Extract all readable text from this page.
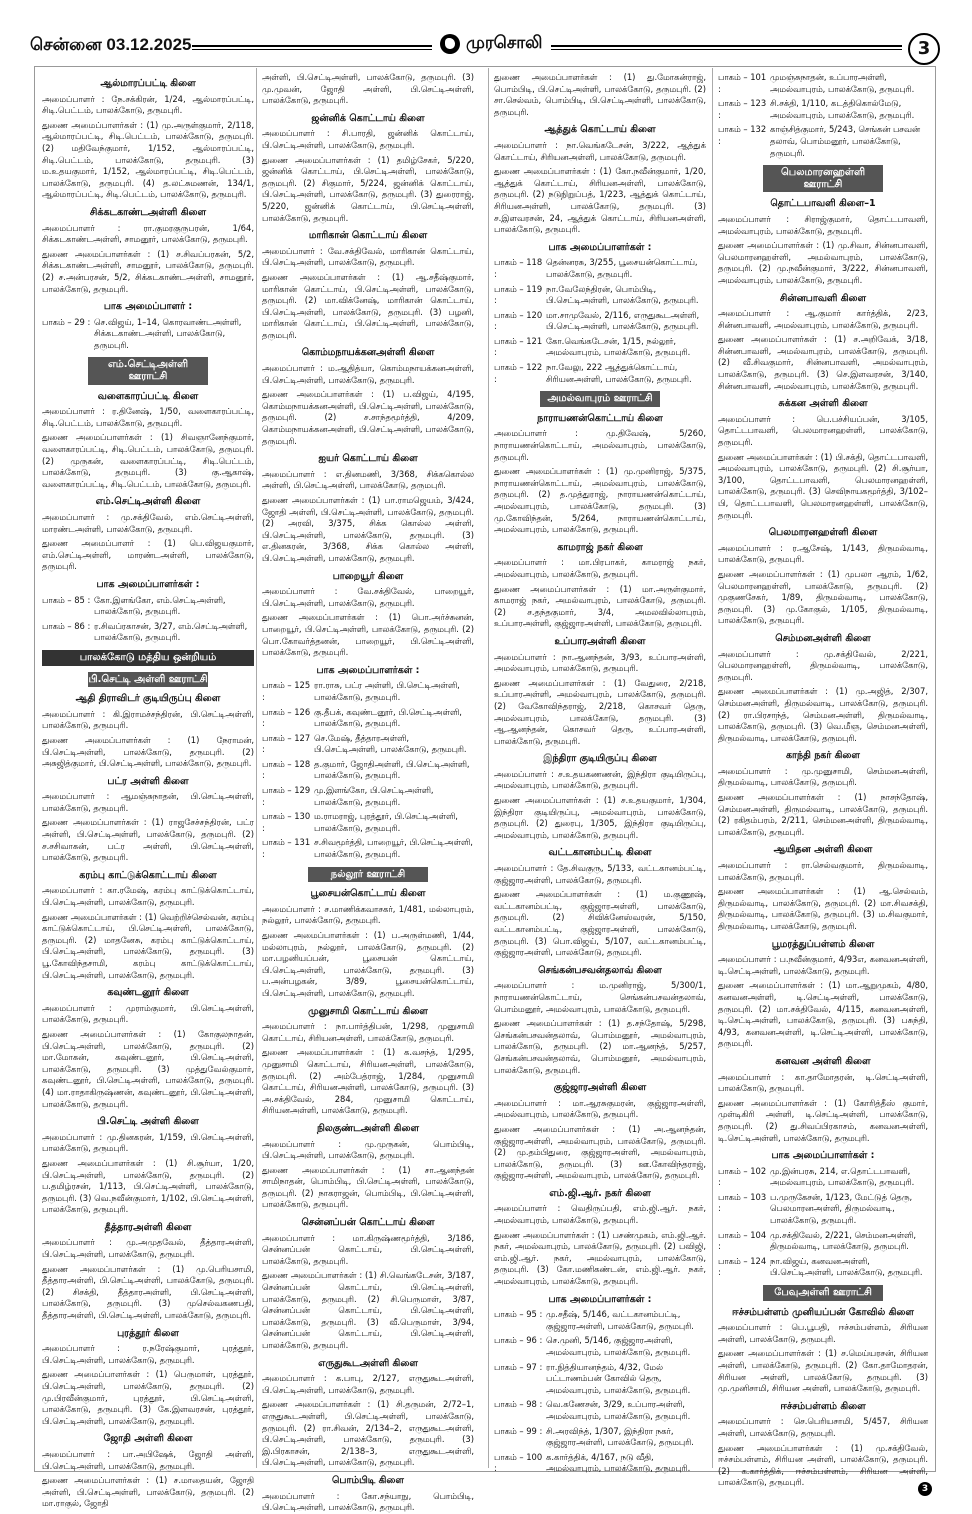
சென்னை 03.12.2025	முரசொலி	3
ஆல்மாரப்பட்டி கிளை

அமைப்பாளர் : நே.சக்கிரன், 1/24, ஆல்மாரப்பட்டி, சிடி.பெட்டம், பாலக்கோடு, தருமபுரி.

துணை அமைப்பாளர்கள் : (1) மு.அருள்குமார், 2/118, ஆல்மாரப்பட்டி, சிடி.பெட்டம், பாலக்கோடு, தருமபுரி. (2) மதிவேந்குமார், 1/152, ஆல்மாரப்பட்டி, சிடி.பெட்டம், பாலக்கோடு, தருமபுரி. (3) ம.உதயகுமார், 1/152, ஆல்மாரப்பட்டி, சிடி.பெட்டம், பாலக்கோடு, தருமபுரி. (4) த.லட்சுமணன், 134/1, ஆல்மாரப்பட்டி, சிடி.பெட்டம், பாலக்கோடு, தருமபுரி.

சிக்கடகாண்டஅள்ளி கிளை

அமைப்பாளர் : ரா.குமரகுருபரன், 1/64, சிக்கடகாண்டஅள்ளி, சாமனூர், பாலக்கோடு, தருமபுரி.

துணை அமைப்பாளர்கள் : (1) ச.சிவப்பரகன், 5/2, சிக்கடகாண்டஅள்ளி, சாமனூர், பாலக்கோடு, தருமபுரி. (2) ச.அன்பரசன், 5/2, சிக்கடகாண்டஅள்ளி, சாமனூர், பாலக்கோடு, தருமபுரி.

பாக அமைப்பாளர் :
பாகம் – 29 : செ.விஜய், 1–14, கொரவாண்டஅள்ளி, சிக்கடகாண்டஅள்ளி, பாலக்கோடு, தருமபுரி.
எம்.செட்டிஅள்ளி ஊராட்சி
வளைகாரப்பட்டி கிளை

அமைப்பாளர் : ர.தினேஷ், 1/50, வளைகாரப்பட்டி, சிடி.பெட்டம், பாலக்கோடு, தருமபுரி.

துணை அமைப்பாளர்கள் : (1) சிவஞானேந்குமார், வளைகாரப்பட்டி, சிடி.பெட்டம், பாலக்கோடு, தருமபுரி. (2) முருகன், வளைகாரப்பட்டி, சிடி.பெட்டம், பாலக்கோடு, தருமபுரி. (3) கு.ஆகாஷ், வளைகாரப்பட்டி, சிடி.பெட்டம், பாலக்கோடு, தருமபுரி.

எம்.செட்டிஅள்ளி கிளை

அமைப்பாளர் : மு.சக்திவேல், எம்.செட்டிஅள்ளி, மாரண்டஅள்ளி, பாலக்கோடு, தருமபுரி.

துணை அமைப்பாளர் : (1) பெ.விஜயகுமார், எம்.செட்டிஅள்ளி, மாரண்டஅள்ளி, பாலக்கோடு, தருமபுரி.

பாக அமைப்பாளர்கள் :
பாகம் – 85 : கோ.இளங்கோ, எம்.செட்டிஅள்ளி, பாலக்கோடு, தருமபுரி.
பாகம் – 86 : ர.சிவப்ரகாசன், 3/27, எம்.செட்டிஅள்ளி, பாலக்கோடு, தருமபுரி.
பாலக்கோடு மத்திய ஒன்றியம்
பி.செட்டி அள்ளி ஊராட்சி
ஆதி திராவிடர் குடியிருப்பு கிளை

அமைப்பாளர் : கி.இராமச்சந்திரன், பி.செட்டிஅள்ளி, பாலக்கோடு, தருமபுரி.

துணை அமைப்பாளர்கள் : (1) நேராமன், பி.செட்டிஅள்ளி, பாலக்கோடு, தருமபுரி. (2) அசுஜித்குமார், பி.செட்டிஅள்ளி, பாலக்கோடு, தருமபுரி.

பட்ர அள்ளி கிளை

அமைப்பாளர் : ஆமஞ்சுநாதன், பி.செட்டிஅள்ளி, பாலக்கோடு, தருமபுரி.

துணை அமைப்பாளர்கள் : (1) ராஜசேச்சந்திரன், பட்ர அள்ளி, பி.செட்டிஅள்ளி, பாலக்கோடு, தருமபுரி. (2) ச.சசிவாகன், பட்ர அள்ளி, பி.செட்டிஅள்ளி, பாலக்கோடு, தருமபுரி.

கரம்பு காட்டுக்கொட்டாய் கிளை

அமைப்பாளர் : கா.ரமேஷ், கரம்பு காட்டுக்கொட்டாய், பி.செட்டிஅள்ளி, பாலக்கோடு, தருமபுரி.

துணை அமைப்பாளர்கள் : (1) வெற்றிச்செல்வன், கரம்பு காட்டுக்கொட்டாய், பி.செட்டிஅள்ளி, பாலக்கோடு, தருமபுரி. (2) மாதனேசு, கரம்பு காட்டுக்கொட்டாய், பி.செட்டிஅள்ளி, பாலக்கோடு, தருமபுரி. (3) பூ.கோவிந்தசாமி, கரம்பு காட்டுக்கொட்டாய், பி.செட்டிஅள்ளி, பாலக்கோடு, தருமபுரி.

கவுண்டனூர் கிளை

அமைப்பாளர் : முராம்குமார், பி.செட்டிஅள்ளி, பாலக்கோடு, தருமபுரி.

துணை அமைப்பாளர்கள் : (1) கோகுலநாதன், பி.செட்டிஅள்ளி, பாலக்கோடு, தருமபுரி. (2) மா.மோகன், கவுண்டனூர், பி.செட்டிஅள்ளி, பாலக்கோடு, தருமபுரி. (3) முத்துவேல்குமார், கவுண்டனூர், பி.செட்டிஅள்ளி, பாலக்கோடு, தருமபுரி. (4) மா.ராதாகிருஷ்ணன், கவுண்டனூர், பி.செட்டிஅள்ளி, பாலக்கோடு, தருமபுரி.

பி.செட்டி அள்ளி கிளை

அமைப்பாளர் : மு.தினகரன், 1/159, பி.செட்டிஅள்ளி, பாலக்கோடு, தருமபுரி.

துணை அமைப்பாளர்கள் : (1) சி.சூர்யா, 1/20, பி.செட்டிஅள்ளி, பாலக்கோடு, தருமபுரி. (2) ப.தமிழ்ரசன், 1/113, பி.செட்டிஅள்ளி, பாலக்கோடு, தருமபுரி. (3) வெ.நவீன்குமார், 1/102, பி.செட்டிஅள்ளி, பாலக்கோடு, தருமபுரி.

தீத்தாரஅள்ளி கிளை

அமைப்பாளர் : மு.அமுதவேல், தீத்தாரஅள்ளி, பி.செட்டிஅள்ளி, பாலக்கோடு, தருமபுரி.

துணை அமைப்பாளர்கள் : (1) மு.பெரியசாமி, தீத்தாரஅள்ளி, பி.செட்டிஅள்ளி, பாலக்கோடு, தருமபுரி. (2) சிசக்தி, தீத்தாரஅள்ளி, பி.செட்டிஅள்ளி, பாலக்கோடு, தருமபுரி. (3) முசெல்வகணபதி, தீத்தாரஅள்ளி, பி.செட்டிஅள்ளி, பாலக்கோடு, தருமபுரி.

புரத்தூர் கிளை

அமைப்பாளர் : ர.நரேஷ்குமார், புரத்தூர், பி.செட்டிஅள்ளி, பாலக்கோடு, தருமபுரி.

துணை அமைப்பாளர்கள் : (1) பெருமாள், புரத்தூர், பி.செட்டிஅள்ளி, பாலக்கோடு, தருமபுரி. (2) மு.பிரவீன்குமார், புரத்தூர், பி.செட்டிஅள்ளி, பாலக்கோடு, தருமபுரி. (3) கே.இளவரசன், புரத்தூர், பி.செட்டிஅள்ளி, பாலக்கோடு, தருமபுரி.

ஜோதி அள்ளி கிளை

அமைப்பாளர் : பா.அபிஷேக், ஜோதி அள்ளி, பி.செட்டிஅள்ளி, பாலக்கோடு, தருமபுரி.

துணை அமைப்பாளர்கள் : (1) ச.மாதையன், ஜோதி அள்ளி, பி.செட்டிஅள்ளி, பாலக்கோடு, தருமபுரி. (2) மா.ராகுல், ஜோதி

அள்ளி, பி.செட்டிஅள்ளி, பாலக்கோடு, தருமபுரி. (3) மு.முவன், ஜோதி அள்ளி, பி.செட்டிஅள்ளி, பாலக்கோடு, தருமபுரி.

ஜன்னிக் கொட்டாய் கிளை

அமைப்பாளர் : சி.பாரதி, ஜன்னிக் கொட்டாய், பி.செட்டிஅள்ளி, பாலக்கோடு, தருமபுரி.

துணை அமைப்பாளர்கள் : (1) தமிழ்சேகர், 5/220, ஜன்னிக் கொட்டாய், பி.செட்டிஅள்ளி, பாலக்கோடு, தருமபுரி. (2) சிகுமார், 5/224, ஜன்னிக் கொட்டாய், பி.செட்டிஅள்ளி, பாலக்கோடு, தருமபுரி. (3) துரைராஜ், 5/220, ஜன்னிக் கொட்டாய், பி.செட்டிஅள்ளி, பாலக்கோடு, தருமபுரி.

மாரிகான் கொட்டாய் கிளை

அமைப்பாளர் : வே.சக்திவேல், மாரிகான் கொட்டாய், பி.செட்டிஅள்ளி, பாலக்கோடு, தருமபுரி.

துணை அமைப்பாளர்கள் : (1) ஆ.சதீஷ்குமார், மாரிகான் கொட்டாய், பி.செட்டிஅள்ளி, பாலக்கோடு, தருமபுரி. (2) மா.விக்னேஷ், மாரிகான் கொட்டாய், பி.செட்டிஅள்ளி, பாலக்கோடு, தருமபுரி. (3) பழனி, மாரிகான் கொட்டாய், பி.செட்டிஅள்ளி, பாலக்கோடு, தருமபுரி.

கொம்மநாயக்கனஅள்ளி கிளை

அமைப்பாளர் : ம.ஆதித்யா, கொம்மநாயக்கனஅள்ளி, பி.செட்டிஅள்ளி, பாலக்கோடு, தருமபுரி.

துணை அமைப்பாளர்கள் : (1) ப.விஜய், 4/195, கொம்மநாயக்கனஅள்ளி, பி.செட்டிஅள்ளி, பாலக்கோடு, தருமபுரி. (2) ச.சாந்தமூர்த்தி, 4/209, கொம்மநாயக்கனஅள்ளி, பி.செட்டிஅள்ளி, பாலக்கோடு, தருமபுரி.

ஐயர் கொட்டாய் கிளை

அமைப்பாளர் : எ.தினமணி, 3/368, சிக்ககொல்ல அள்ளி, பி.செட்டிஅள்ளி, பாலக்கோடு, தருமபுரி.

துணை அமைப்பாளர்கள் : (1) பா.ராமஜெயம், 3/424, ஜோதி அள்ளி, பி.செட்டிஅள்ளி, பாலக்கோடு, தருமபுரி. (2) அரவி, 3/375, சிக்க கொல்ல அள்ளி, பி.செட்டிஅள்ளி, பாலக்கோடு, தருமபுரி. (3) எ.தினகரன், 3/368, சிக்க கொல்ல அள்ளி, பி.செட்டிஅள்ளி, பாலக்கோடு, தருமபுரி.

பாறையூர் கிளை

அமைப்பாளர் : வே.சக்திவேல், பாறையூர், பி.செட்டிஅள்ளி, பாலக்கோடு, தருமபுரி.

துணை அமைப்பாளர்கள் : (1) பொ.அர்ச்சுனன், பாறையூர், பி.செட்டிஅள்ளி, பாலக்கோடு, தருமபுரி. (2) பொ.கோவர்த்தனன், பாறையூர், பி.செட்டிஅள்ளி, பாலக்கோடு, தருமபுரி.

பாக அமைப்பாளர்கள் :
பாகம் – 125 :
ரா.ராசு, பட்ர அள்ளி, பி.செட்டிஅள்ளி, பாலக்கோடு, தருமபுரி.
பாகம் – 126 :
கு.தீபக், கவுண்டனூர், பி.செட்டிஅள்ளி, பாலக்கோடு, தருமபுரி.
பாகம் – 127 :
செ.மேஷ், தீத்தாரஅள்ளி, பி.செட்டிஅள்ளி, பாலக்கோடு, தருமபுரி.
பாகம் – 128 :
த.குமார், ஜோதிஅள்ளி, பி.செட்டிஅள்ளி, பாலக்கோடு, தருமபுரி.
பாகம் – 129 :
மு.இளங்கோ, பி.செட்டிஅள்ளி, பாலக்கோடு, தருமபுரி.
பாகம் – 130 :
ம.ராமராஜ், புரத்தூர், பி.செட்டிஅள்ளி, பாலக்கோடு, தருமபுரி.
பாகம் – 131 :
ச.சிவமூர்த்தி, பாறையூர், பி.செட்டிஅள்ளி, பாலக்கோடு, தருமபுரி.
நல்லூர் ஊராட்சி
பூசையன்கொட்டாய் கிளை

அமைப்பாளர் : ச.மாணிக்கவாசகர், 1/481, மல்லாபுரம், நல்லூர், பாலக்கோடு, தருமபுரி.

துணை அமைப்பாளர்கள் : (1) ப.அருள்மணி, 1/44, மல்லாபுரம், நல்லூர், பாலக்கோடு, தருமபுரி. (2) மா.பழனியப்பன், பூசையன் கொட்டாய், பி.செட்டிஅள்ளி, பாலக்கோடு, தருமபுரி. (3) ப.அன்பழகன், 3/89, பூசையன்கொட்டாய், பி.செட்டிஅள்ளி, பாலக்கோடு, தருமபுரி.

முனுசாமி கொட்டாய் கிளை

அமைப்பாளர் : நா.பார்த்திபன், 1/298, முனுசாமி கொட்டாய், சிரியனஅள்ளி, பாலக்கோடு, தருமபுரி.

துணை அமைப்பாளர்கள் : (1) க.வசந்த், 1/295, முனுசாமி கொட்டாய், சிரியனஅள்ளி, பாலக்கோடு, தருமபுரி. (2) அம்பேத்ராஜ், 1/284, முனுசாமி கொட்டாய், சிரியனஅள்ளி, பாலக்கோடு, தருமபுரி. (3) அ.சக்திவேல், 284, முனுசாமி கொட்டாய், சிரியனஅள்ளி, பாலக்கோடு, தருமபுரி.

நிலகுண்டஅள்ளி கிளை

அமைப்பாளர் : மு.முருகன், பொம்பிடி, பி.செட்டிஅள்ளி, பாலக்கோடு, தருமபுரி.

துணை அமைப்பாளர்கள் : (1) சா.ஆனந்தன் சாமிநாதன், பொம்பிடி, பி.செட்டிஅள்ளி, பாலக்கோடு, தருமபுரி. (2) நாகராஜன், பொம்பிடி, பி.செட்டிஅள்ளி, பாலக்கோடு, தருமபுரி.

சென்னப்பன் கொட்டாய் கிளை

அமைப்பாளர் : மா.கிருஷ்ணமூர்த்தி, 3/186, சென்னப்பன் கொட்டாய், பி.செட்டிஅள்ளி, பாலக்கோடு, தருமபுரி.

துணை அமைப்பாளர்கள் : (1) சி.வெங்கடேசன், 3/187, சென்னப்பன் கொட்டாய், பி.செட்டிஅள்ளி, பாலக்கோடு, தருமபுரி. (2) சி.பெருமாள், 3/87, சென்னப்பன் கொட்டாய், பி.செட்டிஅள்ளி, பாலக்கோடு, தருமபுரி. (3) வீ.பெருமாள், 3/94, சென்னப்பன் கொட்டாய், பி.செட்டிஅள்ளி, பாலக்கோடு, தருமபுரி.

எருதுகூடஅள்ளி கிளை

அமைப்பாளர் : க.பாபு, 2/127, எருதுகூடஅள்ளி, பி.செட்டிஅள்ளி, பாலக்கோடு, தருமபுரி.

துணை அமைப்பாளர்கள் : (1) சி.தருமன், 2/72–1, எருதுகூடஅள்ளி, பி.செட்டிஅள்ளி, பாலக்கோடு, தருமபுரி. (2) ரா.சிவன், 2/134–2, எருதுகூடஅள்ளி, பி.செட்டிஅள்ளி, பாலக்கோடு, தருமபுரி. (3) இ.பிரகாசன், 2/138–3, எருதுகூடஅள்ளி, பி.செட்டிஅள்ளி, பாலக்கோடு, தருமபுரி.

பொம்பிடி கிளை

அமைப்பாளர் : கோ.சந்யாநு, பொம்பிடி, பி.செட்டிஅள்ளி, பாலக்கோடு, தருமபுரி.

துணை அமைப்பாளர்கள் : (1) து.மோகன்ராஜ், பொம்பிடி, பி.செட்டிஅள்ளி, பாலக்கோடு, தருமபுரி. (2) சா.செல்வம், பொம்பிடி, பி.செட்டிஅள்ளி, பாலக்கோடு, தருமபுரி.

ஆத்துக் கொட்டாய் கிளை

அமைப்பாளர் : நா.வெங்கடேசன், 3/222, ஆத்துக் கொட்டாய், சிரியனஅள்ளி, பாலக்கோடு, தருமபுரி.

துணை அமைப்பாளர்கள் : (1) கோ.நவீன்குமார், 1/20, ஆத்துக் கொட்டாய், சிரியனஅள்ளி, பாலக்கோடு, தருமபுரி. (2) நடுநிறுப்பத், 1/223, ஆத்துக் கொட்டாய், சிரியனஅள்ளி, பாலக்கோடு, தருமபுரி. (3) ச.இளவரசன், 24, ஆத்துக் கொட்டாய், சிரியனஅள்ளி, பாலக்கோடு, தருமபுரி.

பாக அமைப்பாளர்கள் :
பாகம் – 118 :
தென்னரசு, 3/255, பூசையன்கொட்டாய், பாலக்கோடு, தருமபுரி.
பாகம் – 119 :
நா.வேலேந்திரன், பொம்பிடி, பி.செட்டிஅள்ளி, பாலக்கோடு, தருமபுரி.
பாகம் – 120 :
மா.சாமுவேல், 2/116, எருதுகூடஅள்ளி, பி.செட்டிஅள்ளி, பாலக்கோடு, தருமபுரி.
பாகம் – 121 :
கோ.வெங்கடேசன், 1/15, நல்லூர், அமல்வாபுரம், பாலக்கோடு, தருமபுரி.
பாகம் – 122 :
நா.வேலு, 222 ஆத்துக்கொட்டாய், சிரியனஅள்ளி, பாலக்கோடு, தருமபுரி.
அமல்வாபுரம் ஊராட்சி
நாராயணன்கொட்டாய் கிளை

அமைப்பாளர் : மு.திவேஷ், 5/260, நாராயணன்கொட்டாய், அமல்வாபுரம், பாலக்கோடு, தருமபுரி.

துணை அமைப்பாளர்கள் : (1) மு.முனிராஜ், 5/375, நாராயணன்கொட்டாய், அமல்வாபுரம், பாலக்கோடு, தருமபுரி. (2) த.முத்துராஜ், நாராயணன்கொட்டாய், அமல்வாபுரம், பாலக்கோடு, தருமபுரி. (3) மு.கோவிந்தன், 5/264, நாராயணன்கொட்டாய், அமல்வாபுரம், பாலக்கோடு, தருமபுரி.

காமராஜ் நகர் கிளை

அமைப்பாளர் : மா.பிரபாகர், காமராஜ் நகர், அமல்வாபுரம், பாலக்கோடு, தருமபுரி.

துணை அமைப்பாளர்கள் : (1) மா.அருள்குமார், காமராஜ் நகர், அமல்வாபுரம், பாலக்கோடு, தருமபுரி. (2) ச.தந்தகுமார், 3/4, அமலவில்லாபுரம், உப்பாரஅள்ளி, குஜ்ஜாரஅள்ளி, பாலக்கோடு, தருமபுரி.

உப்பாரஅள்ளி கிளை

அமைப்பாளர் : நா.ஆனந்தன், 3/93, உப்பாரஅள்ளி, அமல்வாபுரம், பாலக்கோடு, தருமபுரி.

துணை அமைப்பாளர்கள் : (1) வேதுரை, 2/218, உப்பாரஅள்ளி, அமல்வாபுரம், பாலக்கோடு, தருமபுரி. (2) வேகோவிந்தராஜ், 2/218, கொசவர் தெரு, அமல்வாபுரம், பாலக்கோடு, தருமபுரி. (3) ஆ.ஆனந்தன், கொசவர் தெரு, உப்பாரஅள்ளி, பாலக்கோடு, தருமபுரி.

இந்திரா குடியிருப்பு கிளை

அமைப்பாளர் : ச.உதயகணணன், இந்திரா குடியிருப்பு, அமல்வாபுரம், பாலக்கோடு, தருமபுரி.

துணை அமைப்பாளர்கள் : (1) ச.உதயகுமார், 1/304, இந்திரா குடியிருப்பு, அமல்வாபுரம், பாலக்கோடு, தருமபுரி. (2) துரைபு, 1/305, இந்திரா குடியிருப்பு, அமல்வாபுரம், பாலக்கோடு, தருமபுரி.

வட்டகானம்பட்டி கிளை

அமைப்பாளர் : தே.சிவகுரு, 5/133, வட்டகானம்பட்டி, குஜ்ஜாரஅள்ளி, பாலக்கோடு, தருமபுரி.

துணை அமைப்பாளர்கள் : (1) ம.குணூஷ், வட்டகானம்பட்டி, குஜ்ஜாரஅள்ளி, பாலக்கோடு, தருமபுரி. (2) சிவிக்னேஸ்வரன், 5/150, வட்டகானம்பட்டி, குஜ்ஜாரஅள்ளி, பாலக்கோடு, தருமபுரி. (3) பொ.விஜய், 5/107, வட்டகானம்பட்டி, குஜ்ஜாரஅள்ளி, பாலக்கோடு, தருமபுரி.

செங்கன்பசவன்தலாவ் கிளை

அமைப்பாளர் : ம.முனிராஜ், 5/300/1, நாராயணன்கொட்டாய், செங்கன்பசவன்தலாவ், பொம்மனூர், அமல்வாபுரம், பாலக்கோடு, தருமபுரி.

துணை அமைப்பாளர்கள் : (1) த.சந்தோஷ், 5/298, செங்கன்பசவன்தலாவ், பொம்மனூர், அமல்வாபுரம், பாலக்கோடு, தருமபுரி. (2) மா.ஆனந்த், 5/257, செங்கன்பசவன்தலாவ், பொம்மனூர், அமல்வாபுரம், பாலக்கோடு, தருமபுரி.

குஜ்ஜாரஅள்ளி கிளை

அமைப்பாளர் : மா.ஆரசுகுமரன், குஜ்ஜாரஅள்ளி, அமல்வாபுரம், பாலக்கோடு, தருமபுரி.

துணை அமைப்பாளர்கள் : (1) அ.ஆனந்தன், குஜ்ஜாரஅள்ளி, அமல்வாபுரம், பாலக்கோடு, தருமபுரி. (2) மு.தம்பிதுரை, குஜ்ஜாரஅள்ளி, அமல்வாபுரம், பாலக்கோடு, தருமபுரி. (3) ஊ.கோவிந்தராஜ், குஜ்ஜாரஅள்ளி, அமல்வாபுரம், பாலக்கோடு, தருமபுரி.

எம்.ஜி.ஆர். நகர் கிளை

அமைப்பாளர் : வெதிருப்பதி, எம்.ஜி.ஆர். நகர், அமல்வாபுரம், பாலக்கோடு, தருமபுரி.

துணை அமைப்பாளர்கள் : (1) பசண்முகம், எம்.ஜி.ஆர். நகர், அமல்வாபுரம், பாலக்கோடு, தருமபுரி. (2) பவிஜி, எம்.ஜி.ஆர். நகர், அமல்வாபுரம், பாலக்கோடு, தருமபுரி. (3) கோ.மணிகண்டன், எம்.ஜி.ஆர். நகர், அமல்வாபுரம், பாலக்கோடு, தருமபுரி.

பாக அமைப்பாளர்கள் :
பாகம் – 95 : மு.சதீஷ், 5/146, வட்டகானம்பட்டி, குஜ்ஜாரஅள்ளி, பாலக்கோடு, தருமபுரி.
பாகம் – 96 : செ.முனி, 5/146, குஜ்ஜாரஅள்ளி, அமல்வாபுரம், பாலக்கோடு, தருமபுரி.
பாகம் – 97 : ரா.நித்தியானந்தம், 4/32, மேல் பட்டாணம்பன் கோவில் தெரு, அமல்வாபுரம், பாலக்கோடு, தருமபுரி.
பாகம் – 98 : வெ.கணேசன், 3/29, உப்பாரஅள்ளி, அமல்வாபுரம், பாலக்கோடு, தருமபுரி.
பாகம் – 99 : சி.அரவிந்த், 1/307, இந்திரா நகர், குஜ்ஜாரஅள்ளி, பாலக்கோடு, தருமபுரி.
பாகம் – 100 :
க.கார்த்திக், 4/167, நடு வீதி, அமல்வாபுரம், பாலக்கோடு, தருமபுரி.
பாகம் – 101 :
முமஞ்சுநாதன், உப்பாரஅள்ளி, அமல்வாபுரம், பாலக்கோடு, தருமபுரி.
பாகம் – 123 :
சி.சக்தி, 1/110, கடத்திகொல்மேடு, அமல்வாபுரம், பாலக்கோடு, தருமபுரி.
பாகம் – 132 :
காஞ்சித்குமார், 5/243, செங்கன் பசவன் தலாவ், பொம்மனூர், பாலக்கோடு, தருமபுரி.
பெலமாரனஹள்ளி ஊராட்சி
தொட்டபாவளி கிளை–1

அமைப்பாளர் : சிராஜ்குமார், தொட்டபாவளி, அமல்வாபுரம், பாலக்கோடு, தருமபுரி.

துணை அமைப்பாளர்கள் : (1) மு.சிவா, சின்னபாவளி, பெலமாரனஹள்ளி, அமல்வாபுரம், பாலக்கோடு, தருமபுரி. (2) மு.நவீன்குமார், 3/222, சின்னபாவளி, அமல்வாபுரம், பாலக்கோடு, தருமபுரி.

சின்னபாவளி கிளை

அமைப்பாளர் : ஆ.குமார் கார்த்திக், 2/23, சின்னபாவளி, அமல்வாபுரம், பாலக்கோடு, தருமபுரி.

துணை அமைப்பாளர்கள் : (1) ச.அறிவேக், 3/18, சின்னபாவளி, அமல்வாபுரம், பாலக்கோடு, தருமபுரி. (2) வீ.சிவகுமார், சின்னபாவளி, அமல்வாபுரம், பாலக்கோடு, தருமபுரி. (3) செ.இளவரசன், 3/140, சின்னபாவளி, அமல்வாபுரம், பாலக்கோடு, தருமபுரி.

சுக்கன அள்ளி கிளை

அமைப்பாளர் : பெ.பச்சியப்பன், 3/105, தொட்டபாவளி, பெலமாரனஹள்ளி, பாலக்கோடு, தருமபுரி.

துணை அமைப்பாளர்கள் : (1) பி.சக்தி, தொட்டபாவளி, அமல்வாபுரம், பாலக்கோடு, தருமபுரி. (2) சி.சூர்யா, 3/100, தொட்டபாவளி, பெலமாரனஹள்ளி, பாலக்கோடு, தருமபுரி. (3) செவிநாயகமூர்த்தி, 3/102–பி, தொட்டபாவளி, பெலமாரனஹள்ளி, பாலக்கோடு, தருமபுரி.

பெலமாரனஹள்ளி கிளை

அமைப்பாளர் : ர.ஆசேஷ், 1/143, திருமல்வாடி, பாலக்கோடு, தருமபுரி.

துணை அமைப்பாளர்கள் : (1) முபலா ஆரம், 1/62, பெலமாரனஹள்ளி, பாலக்கோடு, தருமபுரி. (2) முகுணசேகர், 1/89, திருமல்வாடி, பாலக்கோடு, தருமபுரி. (3) மு.கோகுல், 1/105, திருமல்வாடி, பாலக்கோடு, தருமபுரி.

செம்மனஅள்ளி கிளை

அமைப்பாளர் : மு.சக்திவேல், 2/221, பெலமாரனஹள்ளி, திருமல்வாடி, பாலக்கோடு, தருமபுரி.

துணை அமைப்பாளர்கள் : (1) மு.அஜித், 2/307, செம்மனஅள்ளி, திருமல்வாடி, பாலக்கோடு, தருமபுரி. (2) ரா.பிரசாந்த், செம்மனஅள்ளி, திருமல்வாடி, பாலக்கோடு, தருமபுரி. (3) வெ.மீஞ, செம்மனஅள்ளி, திருமல்வாடி, பாலக்கோடு, தருமபுரி.

காந்தி நகர் கிளை

அமைப்பாளர் : மு.முனுசாமி, செம்மனஅள்ளி, திருமல்வாடி, பாலக்கோடு, தருமபுரி.

துணை அமைப்பாளர்கள் : (1) நாசந்தோஷ், செம்மனஅள்ளி, திருமல்வாடி, பாலக்கோடு, தருமபுரி. (2) ரகிதம்பரம், 2/211, செம்மனஅள்ளி, திருமல்வாடி, பாலக்கோடு, தருமபுரி.

ஆயிதன அள்ளி கிளை

அமைப்பாளர் : ரா.செல்வகுமார், திருமல்வாடி, பாலக்கோடு, தருமபுரி.

துணை அமைப்பாளர்கள் : (1) ஆ.செல்வம், திருமல்வாடி, பாலக்கோடு, தருமபுரி. (2) மா.சிவசக்தி, திருமல்வாடி, பாலக்கோடு, தருமபுரி. (3) ம.சிவகுமார், திருமல்வாடி, பாலக்கோடு, தருமபுரி.

பூமரத்துப்பள்ளம் கிளை

அமைப்பாளர் : ப.நவீன்குமார், 4/93எ, கனவனஅள்ளி, டி.செட்டிஅள்ளி, பாலக்கோடு, தருமபுரி.

துணை அமைப்பாளர்கள் : (1) மா.ஆறுமுகம், 4/80, கனவனஅள்ளி, டி.செட்டிஅள்ளி, பாலக்கோடு, தருமபுரி. (2) மா.சக்திவேல், 4/115, கனவனஅள்ளி, டி.செட்டிஅள்ளி, பாலக்கோடு, தருமபுரி. (3) பசுந்தி, 4/93, கனவனஅள்ளி, டி.செட்டிஅள்ளி, பாலக்கோடு, தருமபுரி.

கனவன அள்ளி கிளை

அமைப்பாளர் : கா.தாமோதரன், டி.செட்டிஅள்ளி, பாலக்கோடு, தருமபுரி.

துணை அமைப்பாளர்கள் : (1) கோரித்தீஸ் குமார், முள்டிகிரி அள்ளி, டி.செட்டிஅள்ளி, பாலக்கோடு, தருமபுரி. (2) து.சிவப்பிரகாசம், கனவனஅள்ளி, டி.செட்டிஅள்ளி, பாலக்கோடு, தருமபுரி.

பாக அமைப்பாளர்கள் :
பாகம் – 102 :
மு.இன்பரசு, 214, எ.தொட்டபாவளி, அமல்வாபுரம், பாலக்கோடு, தருமபுரி.
பாகம் – 103 :
ப.முருகேசன், 1/123, மேட்டுத் தெரு, பெலமாரனஅள்ளி, திருமல்வாடி, பாலக்கோடு, தருமபுரி.
பாகம் – 104 :
மு.சக்திவேல், 2/221, செம்மனஅள்ளி, திருமல்வாடி, பாலக்கோடு, தருமபுரி.
பாகம் – 124 :
நா.விஜய், கனவனஅள்ளி, பி.செட்டிஅள்ளி, பாலக்கோடு, தருமபுரி.
பேவுஅள்ளி ஊராட்சி
ஈச்சம்பள்ளம் முனியப்பன் கோவில் கிளை

அமைப்பாளர் : பெ.பூபதி, ஈச்சம்பள்ளம், சிரியன அள்ளி, பாலக்கோடு, தருமபுரி.

துணை அமைப்பாளர்கள் : (1) ச.மெய்யரசன், சிரியன அள்ளி, பாலக்கோடு, தருமபுரி. (2) கோ.தாமோதரன், சிரியன அள்ளி, பாலக்கோடு, தருமபுரி. (3) மு.முனிசாமி, சிரியன அள்ளி, பாலக்கோடு, தருமபுரி.

ஈச்சம்பள்ளம் கிளை

அமைப்பாளர் : செ.பெரியசாமி, 5/457, சிரியன அள்ளி, பாலக்கோடு, தருமபுரி.

துணை அமைப்பாளர்கள் : (1) மு.சக்திவேல், ஈச்சம்பள்ளம், சிரியன அள்ளி, பாலக்கோடு, தருமபுரி. (2) க.கார்த்திக், ஈச்சம்பள்ளம், சிரியன அள்ளி, பாலக்கோடு, தருமபுரி.

3
